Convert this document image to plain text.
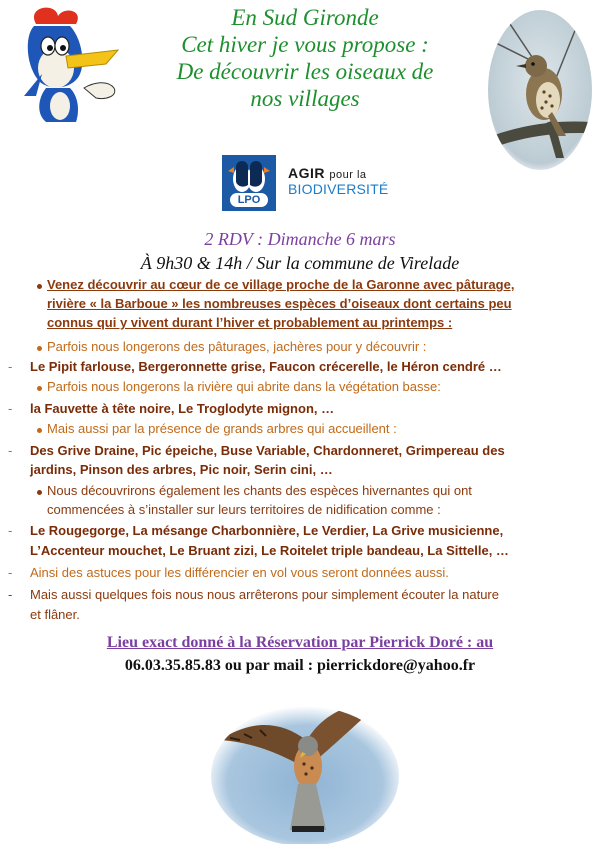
En Sud Gironde
Cet hiver je vous propose :
De découvrir les oiseaux de
nos villages
LPO
AGIR pour la
BIODIVERSITÉ
2 RDV : Dimanche 6 mars
À 9h30 & 14h / Sur la commune de Virelade
Venez découvrir au cœur de ce village proche de la Garonne avec pâturage,
rivière « la Barboue » les nombreuses espèces d’oiseaux dont certains peu
connus qui y vivent durant l’hiver et probablement au printemps :
Parfois nous longerons des pâturages, jachères pour y découvrir :
- Le Pipit farlouse, Bergeronnette grise, Faucon crécerelle, le Héron cendré …
Parfois nous longerons la rivière qui abrite dans la végétation basse:
- la Fauvette à tête noire, Le Troglodyte mignon, …
Mais aussi par la présence de grands arbres qui accueillent :
- Des Grive Draine, Pic épeiche, Buse Variable, Chardonneret, Grimpereau des
jardins, Pinson des arbres, Pic noir, Serin cini, …
Nous découvrirons également les chants des espèces hivernantes qui ont
commencées à s’installer sur leurs territoires de nidification comme :
- Le Rougegorge, La mésange Charbonnière, Le Verdier, La Grive musicienne,
L’Accenteur mouchet, Le Bruant zizi, Le Roitelet triple bandeau, La Sittelle, …
- Ainsi des astuces pour les différencier en vol vous seront données aussi.
- Mais aussi quelques fois nous nous arrêterons pour simplement écouter la nature
et flâner.
Lieu exact donné à la Réservation par Pierrick Doré : au
06.03.35.85.83 ou par mail : pierrickdore@yahoo.fr
